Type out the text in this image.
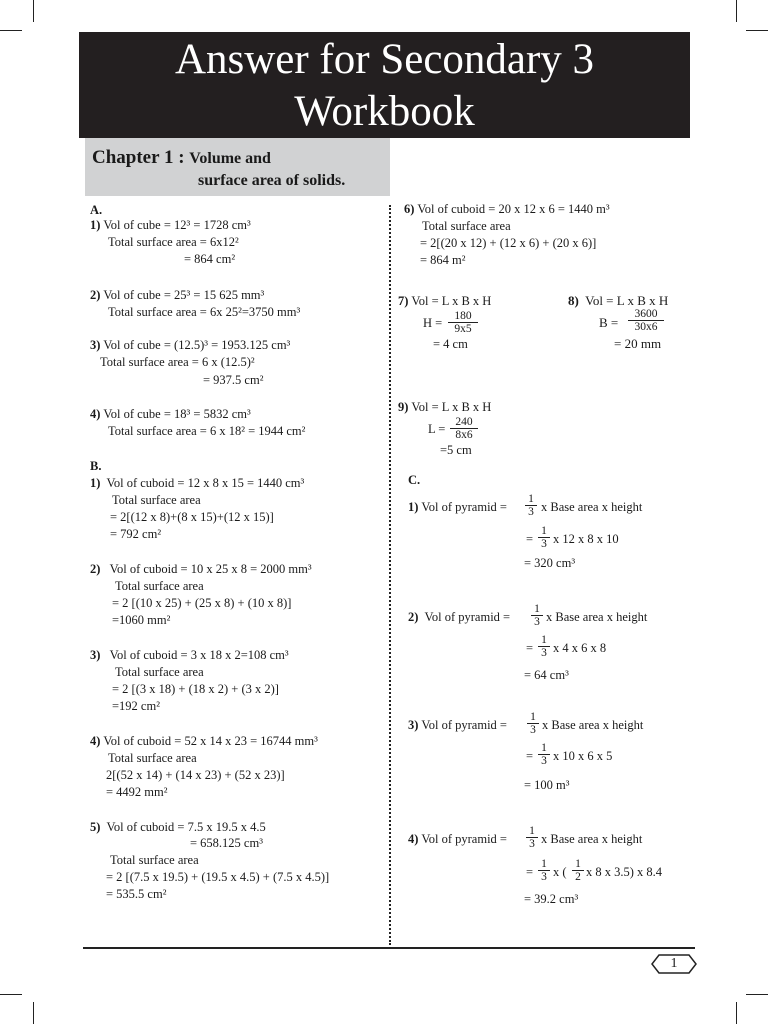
Answer for Secondary 3
Workbook
Chapter 1 : Volume and
surface area of solids.
A.
1) Vol of cube = 12³ = 1728 cm³
Total surface area = 6x12²
= 864 cm²
2) Vol of cube = 25³ = 15 625 mm³
Total surface area = 6x 25²=3750 mm³
3) Vol of cube = (12.5)³ = 1953.125 cm³
Total surface area = 6 x (12.5)²
= 937.5 cm²
4) Vol of cube = 18³ = 5832 cm³
Total surface area = 6 x 18² = 1944 cm²
B.
1) Vol of cuboid = 12 x 8 x 15 = 1440 cm³
Total surface area
= 2[(12 x 8)+(8 x 15)+(12 x 15)]
= 792 cm²
2) Vol of cuboid = 10 x 25 x 8 = 2000 mm³
Total surface area
= 2 [(10 x 25) + (25 x 8) + (10 x 8)]
=1060 mm²
3) Vol of cuboid = 3 x 18 x 2=108 cm³
Total surface area
= 2 [(3 x 18) + (18 x 2) + (3 x 2)]
=192 cm²
4) Vol of cuboid = 52 x 14 x 23 = 16744 mm³
Total surface area
2[(52 x 14) + (14 x 23) + (52 x 23)]
= 4492 mm²
5) Vol of cuboid = 7.5 x 19.5 x 4.5
= 658.125 cm³
Total surface area
= 2 [(7.5 x 19.5) + (19.5 x 4.5) + (7.5 x 4.5)]
= 535.5 cm²
6) Vol of cuboid = 20 x 12 x 6 = 1440 m³
Total surface area
= 2[(20 x 12) + (12 x 6) + (20 x 6)]
= 864 m²
7) Vol = L x B x H
$H = \frac{180}{9x5}$
= 4 cm
8) Vol = L x B x H
$B = \frac{3600}{30x6}$
= 20 mm
9) Vol = L x B x H
$L = \frac{240}{8x6}$
=5 cm
C.
1) Vol of pyramid = $\frac{1}{3}$ x Base area x height
= $\frac{1}{3}$ x 12 x 8 x 10
= 320 cm³
2) Vol of pyramid = $\frac{1}{3}$ x Base area x height
= $\frac{1}{3}$ x 4 x 6 x 8
= 64 cm³
3) Vol of pyramid = $\frac{1}{3}$ x Base area x height
= $\frac{1}{3}$ x 10 x 6 x 5
= 100 m³
4) Vol of pyramid = $\frac{1}{3}$ x Base area x height
= $\frac{1}{3}$ x ( $\frac{1}{2}$ x 8 x 3.5) x 8.4
= 39.2 cm³
1
